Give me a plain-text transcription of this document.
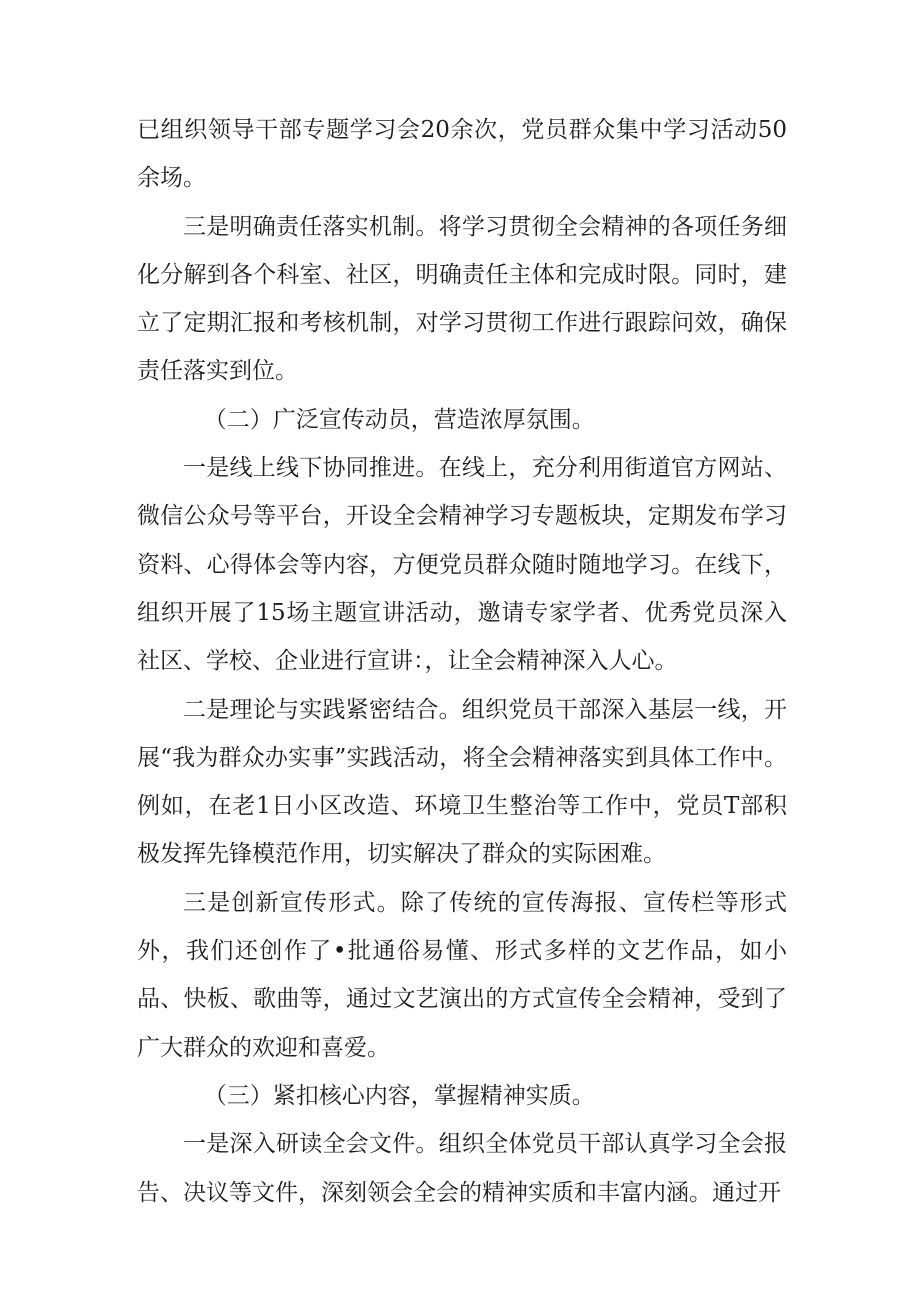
已组织领导干部专题学习会20余次，党员群众集中学习活动50余场。

三是明确责任落实机制。将学习贯彻全会精神的各项任务细化分解到各个科室、社区，明确责任主体和完成时限。同时，建立了定期汇报和考核机制，对学习贯彻工作进行跟踪问效，确保责任落实到位。

（二）广泛宣传动员，营造浓厚氛围。

一是线上线下协同推进。在线上，充分利用街道官方网站、微信公众号等平台，开设全会精神学习专题板块，定期发布学习资料、心得体会等内容，方便党员群众随时随地学习。在线下，组织开展了15场主题宣讲活动，邀请专家学者、优秀党员深入社区、学校、企业进行宣讲：，让全会精神深入人心。

二是理论与实践紧密结合。组织党员干部深入基层一线，开展“我为群众办实事”实践活动，将全会精神落实到具体工作中。例如，在老1日小区改造、环境卫生整治等工作中，党员T部积极发挥先锋模范作用，切实解决了群众的实际困难。

三是创新宣传形式。除了传统的宣传海报、宣传栏等形式外，我们还创作了•批通俗易懂、形式多样的文艺作品，如小品、快板、歌曲等，通过文艺演出的方式宣传全会精神，受到了广大群众的欢迎和喜爱。

（三）紧扣核心内容，掌握精神实质。

一是深入研读全会文件。组织全体党员干部认真学习全会报告、决议等文件，深刻领会全会的精神实质和丰富内涵。通过开
